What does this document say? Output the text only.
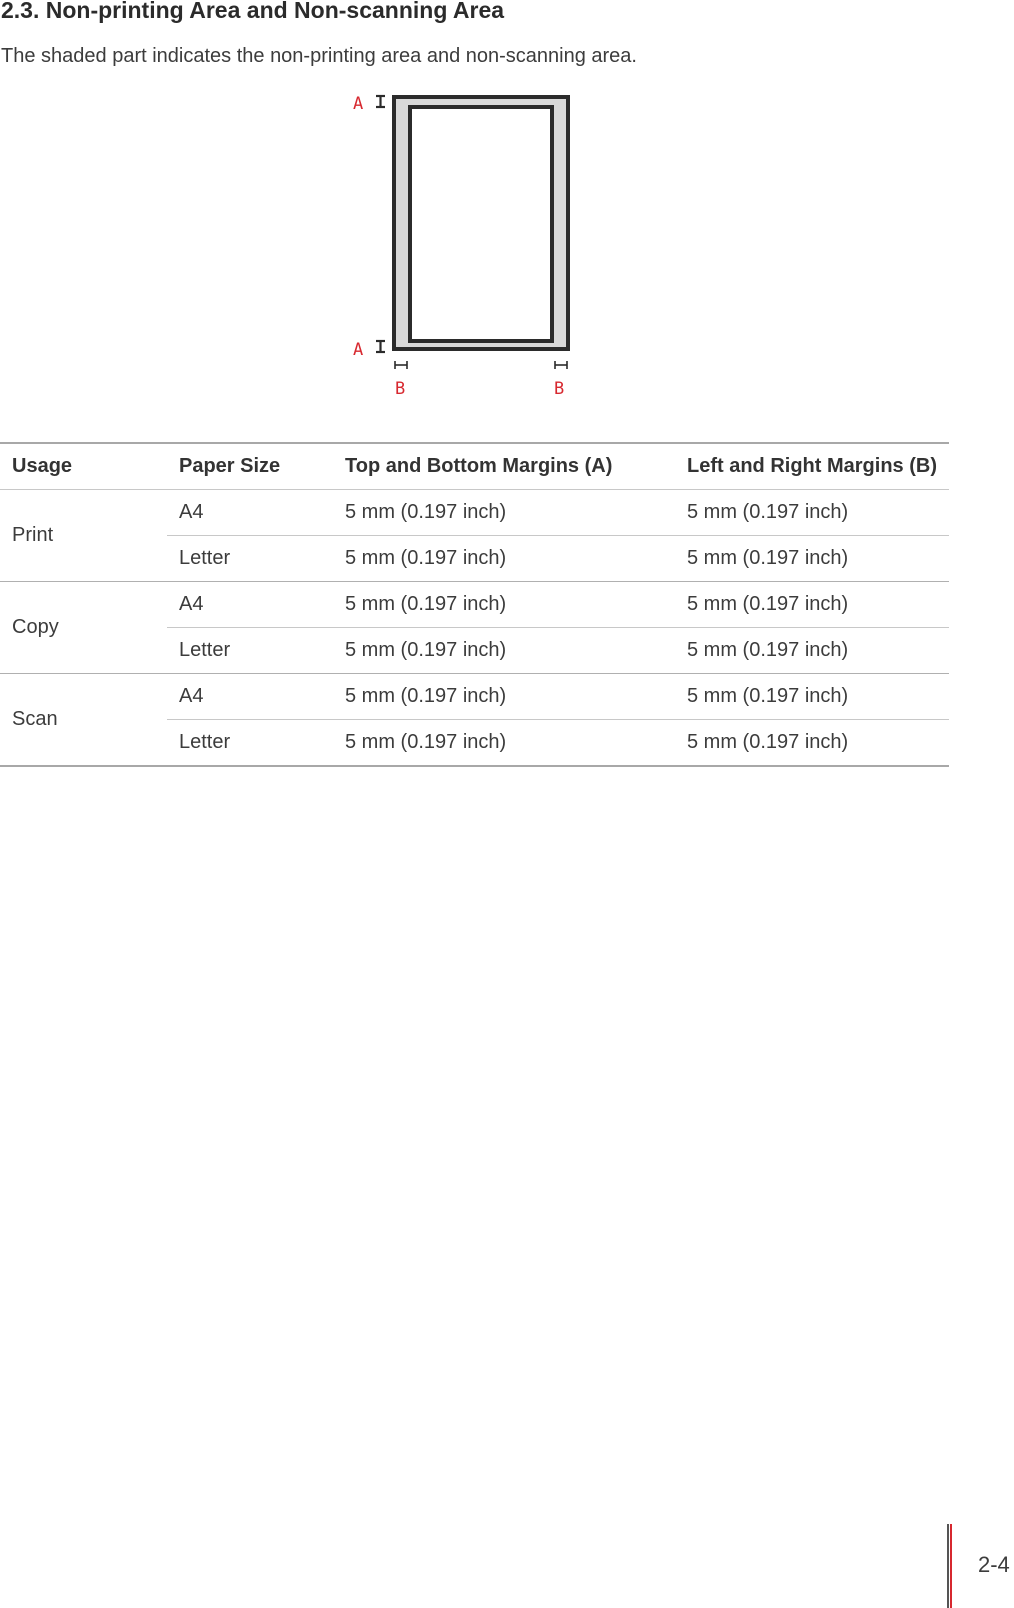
2.3. Non-printing Area and Non-scanning Area

The shaded part indicates the non-printing area and non-scanning area.

A
A
B	B
Usage	Paper Size	Top and Bottom Margins (A)	Left and Right Margins (B)
Print	A4	5 mm (0.197 inch)	5 mm (0.197 inch)
	Letter	5 mm (0.197 inch)	5 mm (0.197 inch)
Copy	A4	5 mm (0.197 inch)	5 mm (0.197 inch)
	Letter	5 mm (0.197 inch)	5 mm (0.197 inch)
Scan	A4	5 mm (0.197 inch)	5 mm (0.197 inch)
	Letter	5 mm (0.197 inch)	5 mm (0.197 inch)
2-4
